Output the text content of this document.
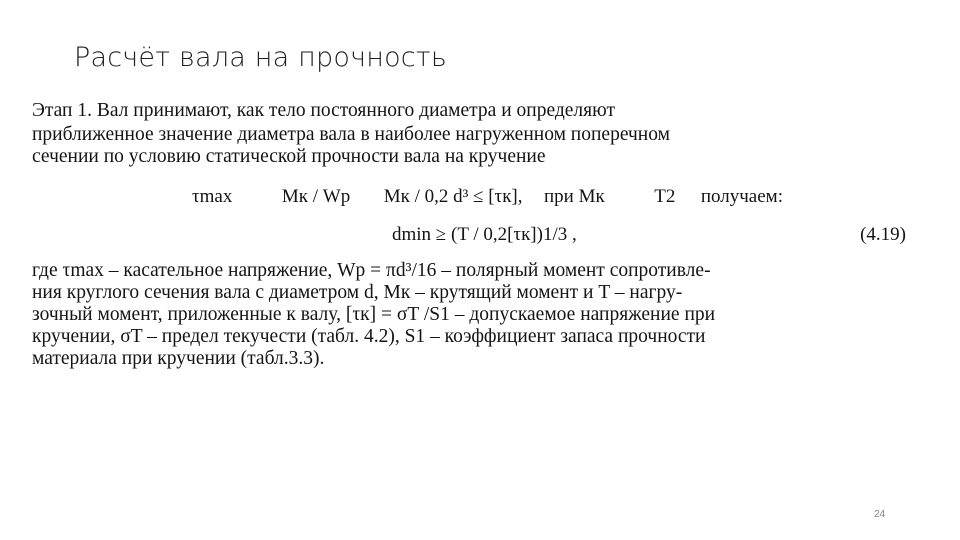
Расчёт вала на прочность
Этап 1. Вал принимают, как тело постоянного диаметра и определяют
приближенное значение диаметра вала в наиболее нагруженном поперечном
сечении по условию статической прочности вала на кручение
τmax	Mк / Wp Mк / 0,2 d³ ≤ [τк], при Mк	T2 получаем:
dmin ≥ (T / 0,2[τк])1/3 ,	(4.19)
где τmax – касательное напряжение, Wp = πd³/16 – полярный момент сопротивле-
ния круглого сечения вала с диаметром d, Mк – крутящий момент и T – нагру-
зочный момент, приложенные к валу, [τк] = σT /S1 – допускаемое напряжение при
кручении, σT – предел текучести (табл. 4.2), S1 – коэффициент запаса прочности
материала при кручении (табл.3.3).
24
